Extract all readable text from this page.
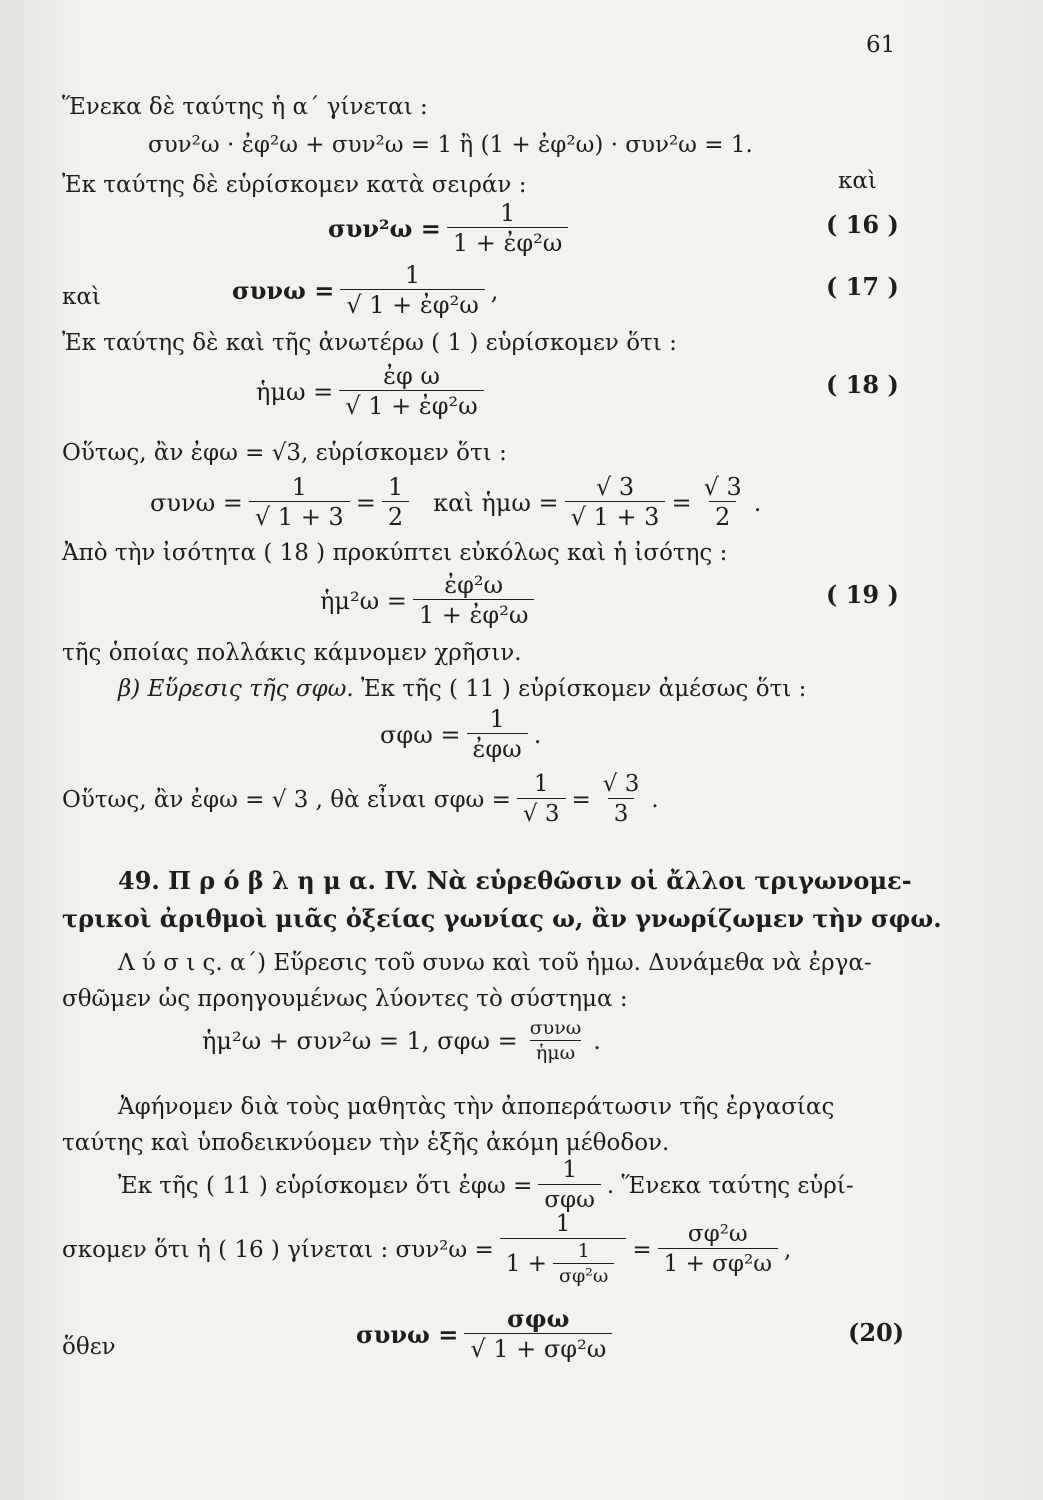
61
Ἕνεκα δὲ ταύτης ἡ α΄ γίνεται :
συν²ω · ἐφ²ω + συν²ω = 1 ἢ (1 + ἐφ²ω) · συν²ω = 1.
Ἐκ ταύτης δὲ εὑρίσκομεν κατὰ σειράν :	καὶ
$\sigma\upsilon\nu^2\omega = \frac{1}{\text{1 + ἐφ²ω}}$	( 16 )
καὶ	$\sigma\upsilon\nu\omega = \frac{1}{\text{√ 1 + ἐφ²ω}}$ ,	( 17 )
Ἐκ ταύτης δὲ καὶ τῆς ἀνωτέρω ( 1 ) εὑρίσκομεν ὅτι :
ἡμω = $\frac{\text{ἐφ ω}}{\text{√ 1 + ἐφ²ω}}$	( 18 )
Οὕτως, ἂν ἐφω = √3, εὑρίσκομεν ὅτι :
$\sigma\upsilon\nu\omega = \frac{1}{√ 1 + 3} = \frac{1}{2}$ καὶ ἡμω = $\frac{√ 3}{√ 1 + 3} = \frac{√ 3}{2}$ .
Ἀπὸ τὴν ἰσότητα ( 18 ) προκύπτει εὐκόλως καὶ ἡ ἰσότης :
ἡμ²ω = $\frac{\text{ἐφ²ω}}{\text{1 + ἐφ²ω}}$	( 19 )
τῆς ὁποίας πολλάκις κάμνομεν χρῆσιν.
β) Εὕρεσις τῆς σφω. Ἐκ τῆς ( 11 ) εὑρίσκομεν ἀμέσως ὅτι :
$\sigma\varphi\omega = \frac{1}{\text{ἐφω}}$ .
Οὕτως, ἂν ἐφω = √ 3 , θὰ εἶναι $\sigma\varphi\omega = \frac{1}{√ 3} = \frac{√ 3}{3}$ .
49. Π ρ ό β λ η μ α. IV. Νὰ εὑρεθῶσιν οἱ ἄλλοι τριγωνομε-
τρικοὶ ἀριθμοὶ μιᾶς ὀξείας γωνίας ω, ἂν γνωρίζωμεν τὴν σφω.
Λ ύ σ ι ς. α΄) Εὕρεσις τοῦ συνω καὶ τοῦ ἡμω. Δυνάμεθα νὰ ἐργα-
σθῶμεν ὡς προηγουμένως λύοντες τὸ σύστημα :
ἡμ²ω + συν²ω = 1, $\sigma\varphi\omega = \frac{\text{συνω}}{\text{ἡμω}}$ .
Ἀφήνομεν διὰ τοὺς μαθητὰς τὴν ἀποπεράτωσιν τῆς ἐργασίας
ταύτης καὶ ὑποδεικνύομεν τὴν ἑξῆς ἀκόμη μέθοδον.
Ἐκ τῆς ( 11 ) εὑρίσκομεν ὅτι ἐφω = $\frac{1}{\text{σφω}}$ . Ἕνεκα ταύτης εὑρί-
σκομεν ὅτι ἡ ( 16 ) γίνεται : $\sigma\upsilon\nu^2\omega = \frac{1}{1 + \frac{1}{\text{σφ²ω}}} = \frac{\text{σφ²ω}}{\text{1 + σφ²ω}}$ ,
ὅθεν	$\sigma\upsilon\nu\omega = \frac{\text{σφω}}{\text{√ 1 + σφ²ω}}$	(20)
